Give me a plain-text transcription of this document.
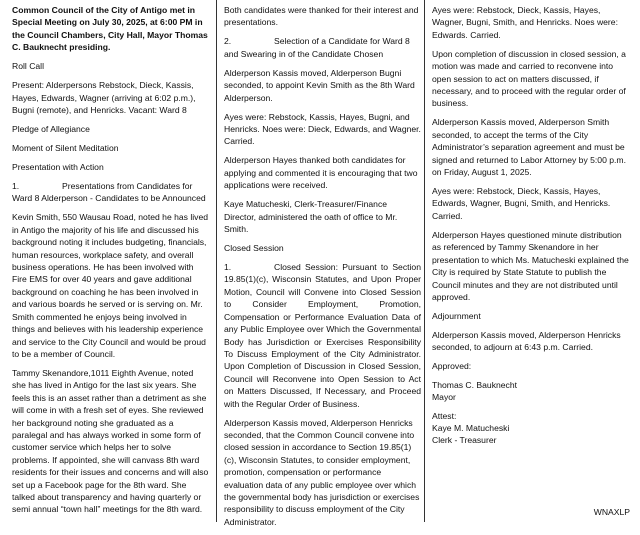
Common Council of the City of Antigo met in Special Meeting on July 30, 2025, at 6:00 PM in the Council Chambers, City Hall, Mayor Thomas C. Bauknecht presiding.

Roll Call

Present: Alderpersons Rebstock, Dieck, Kassis, Hayes, Edwards, Wagner (arriving at 6:02 p.m.), Bugni (remote), and Henricks. Vacant: Ward 8

Pledge of Allegiance

Moment of Silent Meditation

Presentation with Action

1.	Presentations from Candidates for Ward 8 Alderperson - Candidates to be Announced

Kevin Smith, 550 Wausau Road, noted he has lived in Antigo the majority of his life and discussed his background noting it includes budgeting, financials, human resources, workplace safety, and overall business operations. He has been involved with Fire EMS for over 40 years and gave additional background on coaching he has been involved in and various boards he served or is serving on. Mr. Smith commented he enjoys being involved in things and believes with his leadership experience and service to the City Council and would be proud to be a member of Council.

Tammy Skenandore,1011 Eighth Avenue, noted she has lived in Antigo for the last six years. She feels this is an asset rather than a detriment as she will come in with a fresh set of eyes. She reviewed her background noting she graduated as a paralegal and has always worked in some form of customer service which helps her to solve problems. If appointed, she will canvass 8th ward residents for their issues and concerns and will also set up a Facebook page for the 8th ward. She talked about transparency and having quarterly or semi annual “town hall” meetings for the 8th ward.

Both candidates were thanked for their interest and presentations.

2.	Selection of a Candidate for Ward 8 and Swearing in of the Candidate Chosen

Alderperson Kassis moved, Alderperson Bugni seconded, to appoint Kevin Smith as the 8th Ward Alderperson.

Ayes were: Rebstock, Kassis, Hayes, Bugni, and Henricks. Noes were: Dieck, Edwards, and Wagner. Carried.

Alderperson Hayes thanked both candidates for applying and commented it is encouraging that two applications were received.

Kaye Matucheski, Clerk-Treasurer/Finance Director, administered the oath of office to Mr. Smith.

Closed Session

1.	Closed Session: Pursuant to Section 19.85(1)(c), Wisconsin Statutes, and Upon Proper Motion, Council will Convene into Closed Session to Consider Employment, Promotion, Compensation or Performance Evaluation Data of any Public Employee over Which the Governmental Body has Jurisdiction or Exercises Responsibility To Discuss Employment of the City Administrator. Upon Completion of Discussion in Closed Session, Council will Reconvene into Open Session to Act on Matters Discussed, If Necessary, and Proceed with the Regular Order of Business.

Alderperson Kassis moved, Alderperson Henricks seconded, that the Common Council convene into closed session in accordance to Section 19.85(1)(c), Wisconsin Statutes, to consider employment, promotion, compensation or performance evaluation data of any public employee over which the governmental body has jurisdiction or exercises responsibility to discuss employment of the City Administrator.

Ayes were: Rebstock, Dieck, Kassis, Hayes, Wagner, Bugni, Smith, and Henricks. Noes were: Edwards. Carried.

Upon completion of discussion in closed session, a motion was made and carried to reconvene into open session to act on matters discussed, if necessary, and to proceed with the regular order of business.

Alderperson Kassis moved, Alderperson Smith seconded, to accept the terms of the City Administrator’s separation agreement and must be signed and returned to Labor Attorney by 5:00 p.m. on Friday, August 1, 2025.

Ayes were: Rebstock, Dieck, Kassis, Hayes, Edwards, Wagner, Bugni, Smith, and Henricks. Carried.

Alderperson Hayes questioned minute distribution as referenced by Tammy Skenandore in her presentation to which Ms. Matucheski explained the City is required by State Statute to publish the Council minutes and they are not distributed until approved.

Adjournment

Alderperson Kassis moved, Alderperson Henricks seconded, to adjourn at 6:43 p.m. Carried.

Approved:

Thomas C. Bauknecht

Mayor

Attest:

Kaye M. Matucheski

Clerk - Treasurer

WNAXLP
